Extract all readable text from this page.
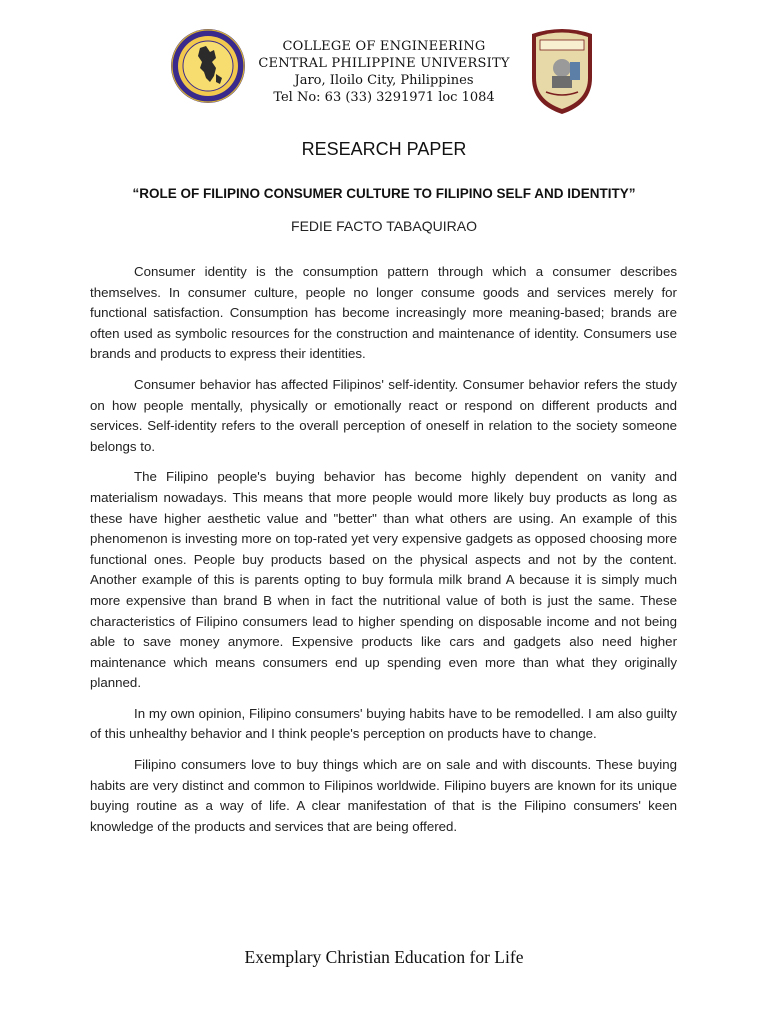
COLLEGE OF ENGINEERING
CENTRAL PHILIPPINE UNIVERSITY
Jaro, Iloilo City, Philippines
Tel No: 63 (33) 3291971 loc 1084
RESEARCH PAPER
“ROLE OF FILIPINO CONSUMER CULTURE TO FILIPINO SELF AND IDENTITY”
FEDIE FACTO TABAQUIRAO

Consumer identity is the consumption pattern through which a consumer describes themselves. In consumer culture, people no longer consume goods and services merely for functional satisfaction. Consumption has become increasingly more meaning-based; brands are often used as symbolic resources for the construction and maintenance of identity. Consumers use brands and products to express their identities.

Consumer behavior has affected Filipinos' self-identity. Consumer behavior refers the study on how people mentally, physically or emotionally react or respond on different products and services. Self-identity refers to the overall perception of oneself in relation to the society someone belongs to.

The Filipino people's buying behavior has become highly dependent on vanity and materialism nowadays. This means that more people would more likely buy products as long as these have higher aesthetic value and "better" than what others are using. An example of this phenomenon is investing more on top-rated yet very expensive gadgets as opposed choosing more functional ones. People buy products based on the physical aspects and not by the content. Another example of this is parents opting to buy formula milk brand A because it is simply much more expensive than brand B when in fact the nutritional value of both is just the same. These characteristics of Filipino consumers lead to higher spending on disposable income and not being able to save money anymore. Expensive products like cars and gadgets also need higher maintenance which means consumers end up spending even more than what they originally planned.

In my own opinion, Filipino consumers' buying habits have to be remodelled. I am also guilty of this unhealthy behavior and I think people's perception on products have to change.

Filipino consumers love to buy things which are on sale and with discounts. These buying habits are very distinct and common to Filipinos worldwide. Filipino buyers are known for its unique buying routine as a way of life. A clear manifestation of that is the Filipino consumers' keen knowledge of the products and services that are being offered.

Exemplary Christian Education for Life
